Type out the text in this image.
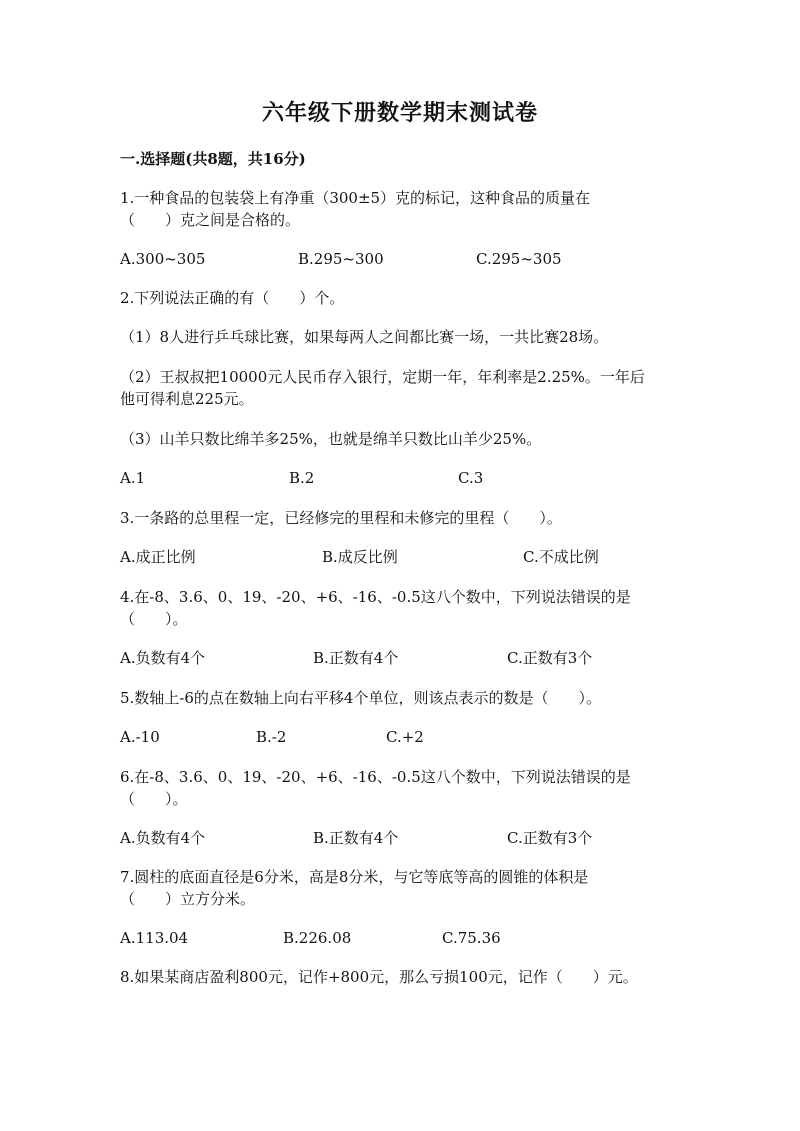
六年级下册数学期末测试卷
一.选择题(共8题，共16分)
1.一种食品的包装袋上有净重（300±5）克的标记，这种食品的质量在
（　　）克之间是合格的。
A.300~305	B.295~300	C.295~305
2.下列说法正确的有（　　）个。
（1）8人进行乒乓球比赛，如果每两人之间都比赛一场，一共比赛28场。
（2）王叔叔把10000元人民币存入银行，定期一年，年利率是2.25%。一年后
他可得利息225元。
（3）山羊只数比绵羊多25%，也就是绵羊只数比山羊少25%。
A.1	B.2	C.3
3.一条路的总里程一定，已经修完的里程和未修完的里程（　　）。
A.成正比例	B.成反比例	C.不成比例
4.在-8、3.6、0、19、-20、+6、-16、-0.5这八个数中，下列说法错误的是
（　　）。
A.负数有4个	B.正数有4个	C.正数有3个
5.数轴上-6的点在数轴上向右平移4个单位，则该点表示的数是（　　）。
A.-10	B.-2	C.+2
6.在-8、3.6、0、19、-20、+6、-16、-0.5这八个数中，下列说法错误的是
（　　）。
A.负数有4个	B.正数有4个	C.正数有3个
7.圆柱的底面直径是6分米，高是8分米，与它等底等高的圆锥的体积是
（　　）立方分米。
A.113.04	B.226.08	C.75.36
8.如果某商店盈利800元，记作+800元，那么亏损100元，记作（　　）元。
